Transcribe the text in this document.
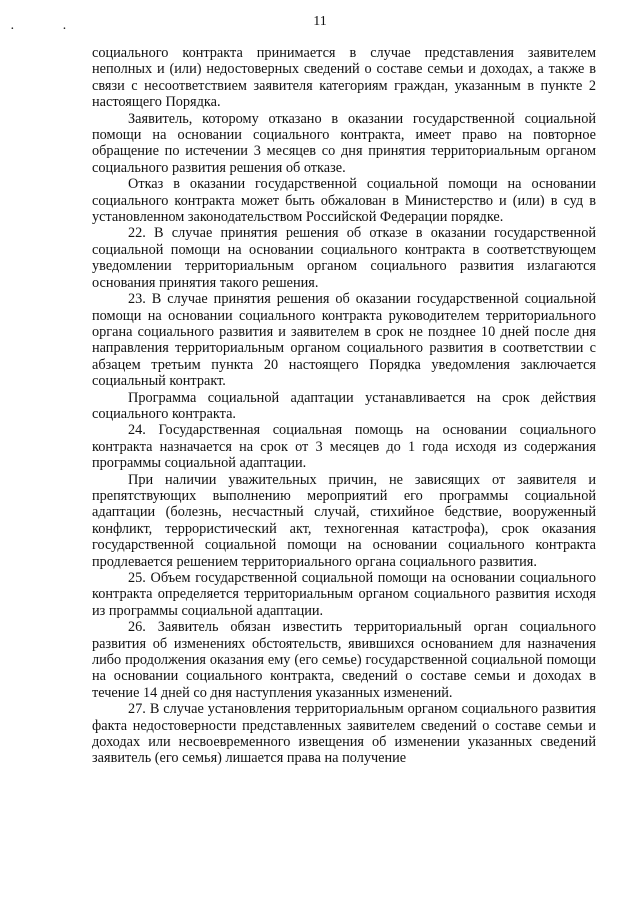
· ·
11

социального контракта принимается в случае представления заявителем неполных и (или) недостоверных сведений о составе семьи и доходах, а также в связи с несоответствием заявителя категориям граждан, указанным в пункте 2 настоящего Порядка.

Заявитель, которому отказано в оказании государственной социальной помощи на основании социального контракта, имеет право на повторное обращение по истечении 3 месяцев со дня принятия территориальным органом социального развития решения об отказе.

Отказ в оказании государственной социальной помощи на основании социального контракта может быть обжалован в Министерство и (или) в суд в установленном законодательством Российской Федерации порядке.

22. В случае принятия решения об отказе в оказании государственной социальной помощи на основании социального контракта в соответствующем уведомлении территориальным органом социального развития излагаются основания принятия такого решения.

23. В случае принятия решения об оказании государственной социальной помощи на основании социального контракта руководителем территориального органа социального развития и заявителем в срок не позднее 10 дней после дня направления территориальным органом социального развития в соответствии с абзацем третьим пункта 20 настоящего Порядка уведомления заключается социальный контракт.

Программа социальной адаптации устанавливается на срок действия социального контракта.

24. Государственная социальная помощь на основании социального контракта назначается на срок от 3 месяцев до 1 года исходя из содержания программы социальной адаптации.

При наличии уважительных причин, не зависящих от заявителя и препятствующих выполнению мероприятий его программы социальной адаптации (болезнь, несчастный случай, стихийное бедствие, вооруженный конфликт, террористический акт, техногенная катастрофа), срок оказания государственной социальной помощи на основании социального контракта продлевается решением территориального органа социального развития.

25. Объем государственной социальной помощи на основании социального контракта определяется территориальным органом социального развития исходя из программы социальной адаптации.

26. Заявитель обязан известить территориальный орган социального развития об изменениях обстоятельств, явившихся основанием для назначения либо продолжения оказания ему (его семье) государственной социальной помощи на основании социального контракта, сведений о составе семьи и доходах в течение 14 дней со дня наступления указанных изменений.

27. В случае установления территориальным органом социального развития факта недостоверности представленных заявителем сведений о составе семьи и доходах или несвоевременного извещения об изменении указанных сведений заявитель (его семья) лишается права на получение
